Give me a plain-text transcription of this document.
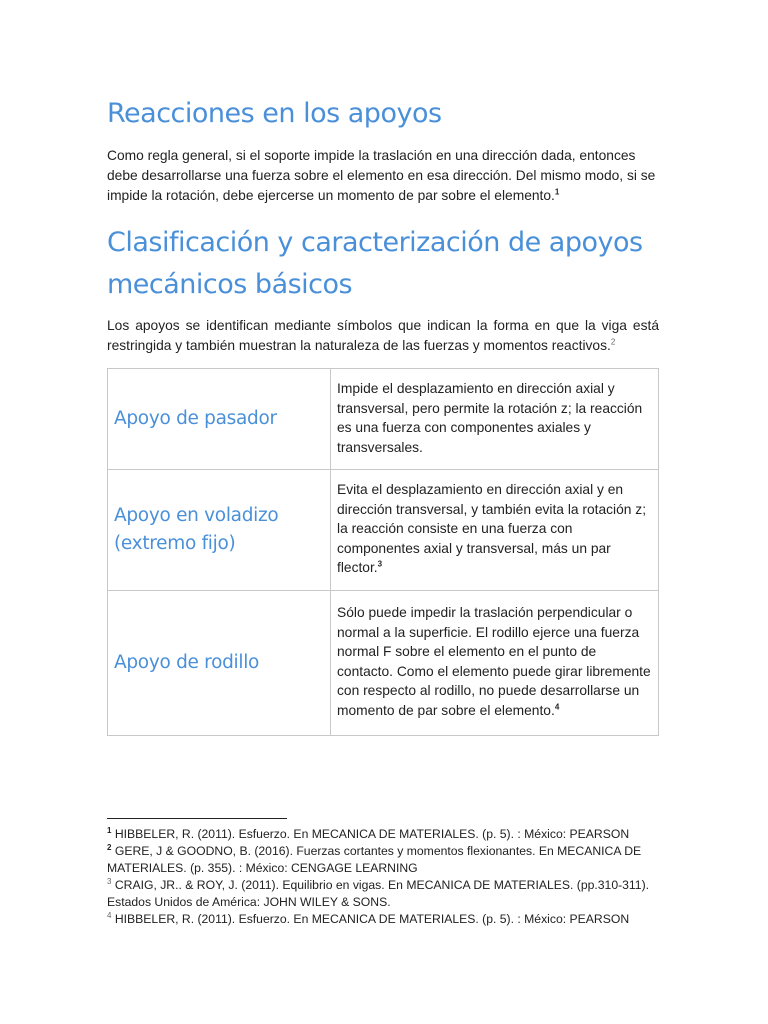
Reacciones en los apoyos

Como regla general, si el soporte impide la traslación en una dirección dada, entonces debe desarrollarse una fuerza sobre el elemento en esa dirección. Del mismo modo, si se impide la rotación, debe ejercerse un momento de par sobre el elemento.$^1$

Clasificación y caracterización de apoyos mecánicos básicos

Los apoyos se identifican mediante símbolos que indican la forma en que la viga está restringida y también muestran la naturaleza de las fuerzas y momentos reactivos.$^2$

Apoyo de pasador	Impide el desplazamiento en dirección axial y transversal, pero permite la rotación z; la reacción es una fuerza con componentes axiales y transversales.
Apoyo en voladizo (extremo fijo)	Evita el desplazamiento en dirección axial y en dirección transversal, y también evita la rotación z; la reacción consiste en una fuerza con componentes axial y transversal, más un par flector.$^3$
Apoyo de rodillo	Sólo puede impedir la traslación perpendicular o normal a la superficie. El rodillo ejerce una fuerza normal F sobre el elemento en el punto de contacto. Como el elemento puede girar libremente con respecto al rodillo, no puede desarrollarse un momento de par sobre el elemento.$^4$
$^1$ HIBBELER, R. (2011). Esfuerzo. En MECANICA DE MATERIALES. (p. 5). : México: PEARSON
$^2$ GERE, J & GOODNO, B. (2016). Fuerzas cortantes y momentos flexionantes. En MECANICA DE MATERIALES. (p. 355). : México: CENGAGE LEARNING
$^3$ CRAIG, JR.. & ROY, J. (2011). Equilibrio en vigas. En MECANICA DE MATERIALES. (pp.310-311). Estados Unidos de América: JOHN WILEY & SONS.
$^4$ HIBBELER, R. (2011). Esfuerzo. En MECANICA DE MATERIALES. (p. 5). : México: PEARSON
